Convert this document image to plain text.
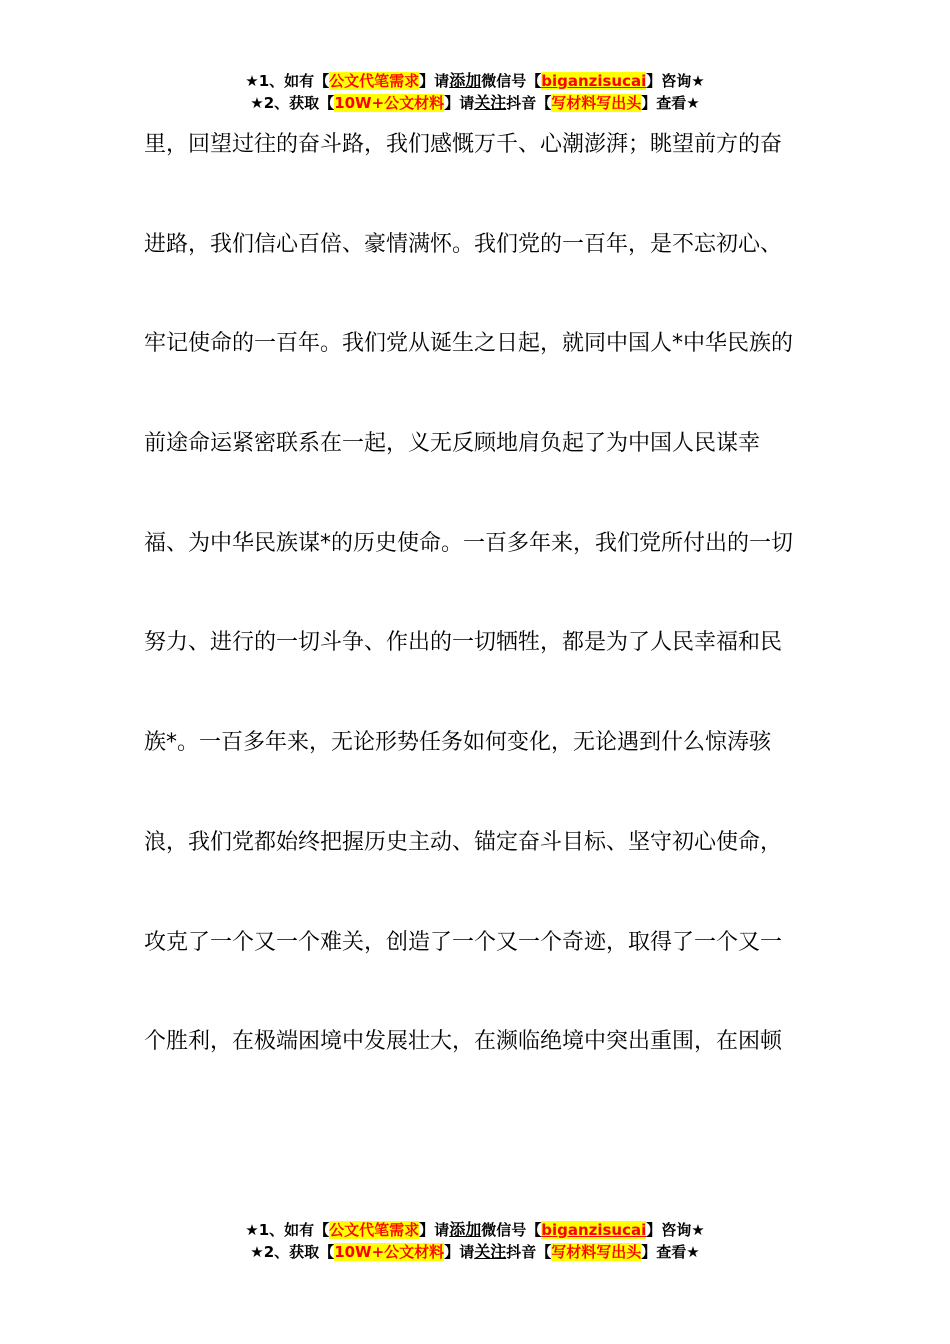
★1、如有【公文代笔需求】请添加微信号【biganzisucai】咨询★
★2、获取【10W+公文材料】请关注抖音【写材料写出头】查看★
里，回望过往的奋斗路，我们感慨万千、心潮澎湃；眺望前方的奋
进路，我们信心百倍、豪情满怀。我们党的一百年，是不忘初心、
牢记使命的一百年。我们党从诞生之日起，就同中国人*中华民族的
前途命运紧密联系在一起，义无反顾地肩负起了为中国人民谋幸
福、为中华民族谋*的历史使命。一百多年来，我们党所付出的一切
努力、进行的一切斗争、作出的一切牺牲，都是为了人民幸福和民
族*。一百多年来，无论形势任务如何变化，无论遇到什么惊涛骇
浪，我们党都始终把握历史主动、锚定奋斗目标、坚守初心使命，
攻克了一个又一个难关，创造了一个又一个奇迹，取得了一个又一
个胜利，在极端困境中发展壮大，在濒临绝境中突出重围，在困顿
★1、如有【公文代笔需求】请添加微信号【biganzisucai】咨询★
★2、获取【10W+公文材料】请关注抖音【写材料写出头】查看★
